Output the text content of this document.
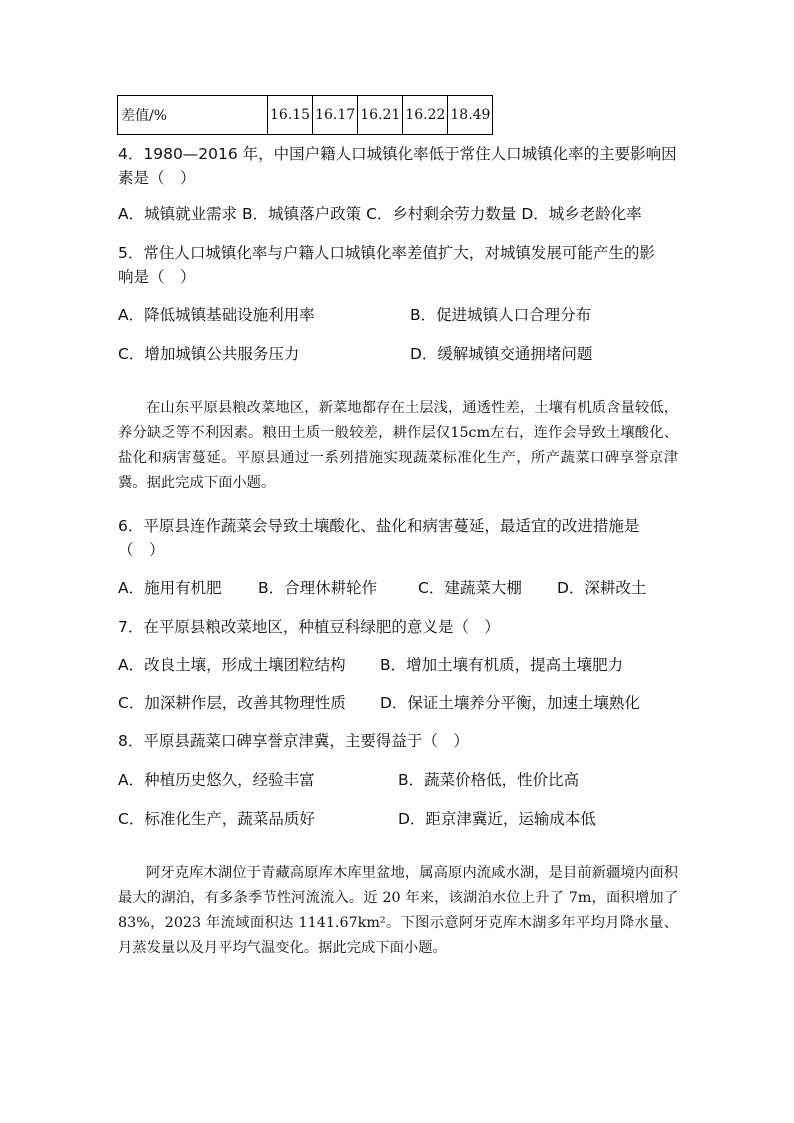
差值/%	16.15	16.17	16.21	16.22	18.49
4．1980—2016 年，中国户籍人口城镇化率低于常住人口城镇化率的主要影响因
素是（　）
A．城镇就业需求 B．城镇落户政策 C．乡村剩余劳力数量 D．城乡老龄化率
5．常住人口城镇化率与户籍人口城镇化率差值扩大，对城镇发展可能产生的影
响是（　）
A．降低城镇基础设施利用率	B．促进城镇人口合理分布
C．增加城镇公共服务压力	D．缓解城镇交通拥堵问题
在山东平原县粮改菜地区，新菜地都存在土层浅，通透性差，土壤有机质含量较低，养分缺乏等不利因素。粮田土质一般较差，耕作层仅15cm左右，连作会导致土壤酸化、盐化和病害蔓延。平原县通过一系列措施实现蔬菜标准化生产，所产蔬菜口碑享誉京津冀。据此完成下面小题。
6．平原县连作蔬菜会导致土壤酸化、盐化和病害蔓延，最适宜的改进措施是
（　）
A．施用有机肥 B．合理休耕轮作	C．建蔬菜大棚 D．深耕改土
7．在平原县粮改菜地区，种植豆科绿肥的意义是（　）
A．改良土壤，形成土壤团粒结构 B．增加土壤有机质，提高土壤肥力
C．加深耕作层，改善其物理性质 D．保证土壤养分平衡，加速土壤熟化
8．平原县蔬菜口碑享誉京津冀，主要得益于（　）
A．种植历史悠久，经验丰富	B．蔬菜价格低，性价比高
C．标准化生产，蔬菜品质好	D．距京津冀近，运输成本低
阿牙克库木湖位于青藏高原库木库里盆地，属高原内流咸水湖，是目前新疆境内面积最大的湖泊，有多条季节性河流流入。近 20 年来，该湖泊水位上升了 7m，面积增加了 83%，2023 年流域面积达 1141.67km²。下图示意阿牙克库木湖多年平均月降水量、月蒸发量以及月平均气温变化。据此完成下面小题。
